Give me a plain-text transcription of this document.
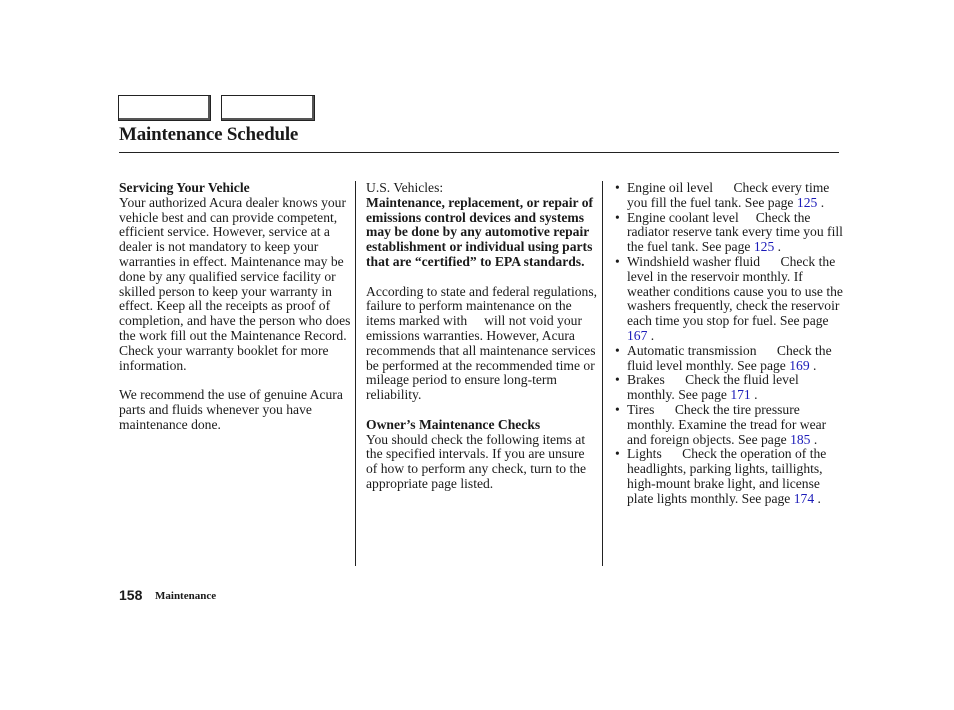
Maintenance Schedule

Servicing Your Vehicle

Your authorized Acura dealer knows your vehicle best and can provide competent, efficient service. However, service at a dealer is not mandatory to keep your warranties in effect. Maintenance may be done by any qualified service facility or skilled person to keep your warranty in effect. Keep all the receipts as proof of completion, and have the person who does the work fill out the Maintenance Record. Check your warranty booklet for more information.

We recommend the use of genuine Acura parts and fluids whenever you have maintenance done.

U.S. Vehicles:

Maintenance, replacement, or repair of emissions control devices and systems may be done by any automotive repair establishment or individual using parts that are “certified” to EPA standards.

According to state and federal regulations, failure to perform maintenance on the items marked with     will not void your emissions warranties. However, Acura recommends that all maintenance services be performed at the recommended time or mileage period to ensure long-term reliability.

Owner’s Maintenance Checks

You should check the following items at the specified intervals. If you are unsure of how to perform any check, turn to the appropriate page listed.

• Engine oil level Check every time you fill the fuel tank. See page 125 .

• Engine coolant level Check the radiator reserve tank every time you fill the fuel tank. See page 125 .

• Windshield washer fluid Check the level in the reservoir monthly. If weather conditions cause you to use the washers frequently, check the reservoir each time you stop for fuel. See page 167 .

• Automatic transmission Check the fluid level monthly. See page 169 .

• Brakes Check the fluid level monthly. See page 171 .

• Tires Check the tire pressure monthly. Examine the tread for wear and foreign objects. See page 185 .

• Lights Check the operation of the headlights, parking lights, taillights, high-mount brake light, and license plate lights monthly. See page 174 .

158 Maintenance
